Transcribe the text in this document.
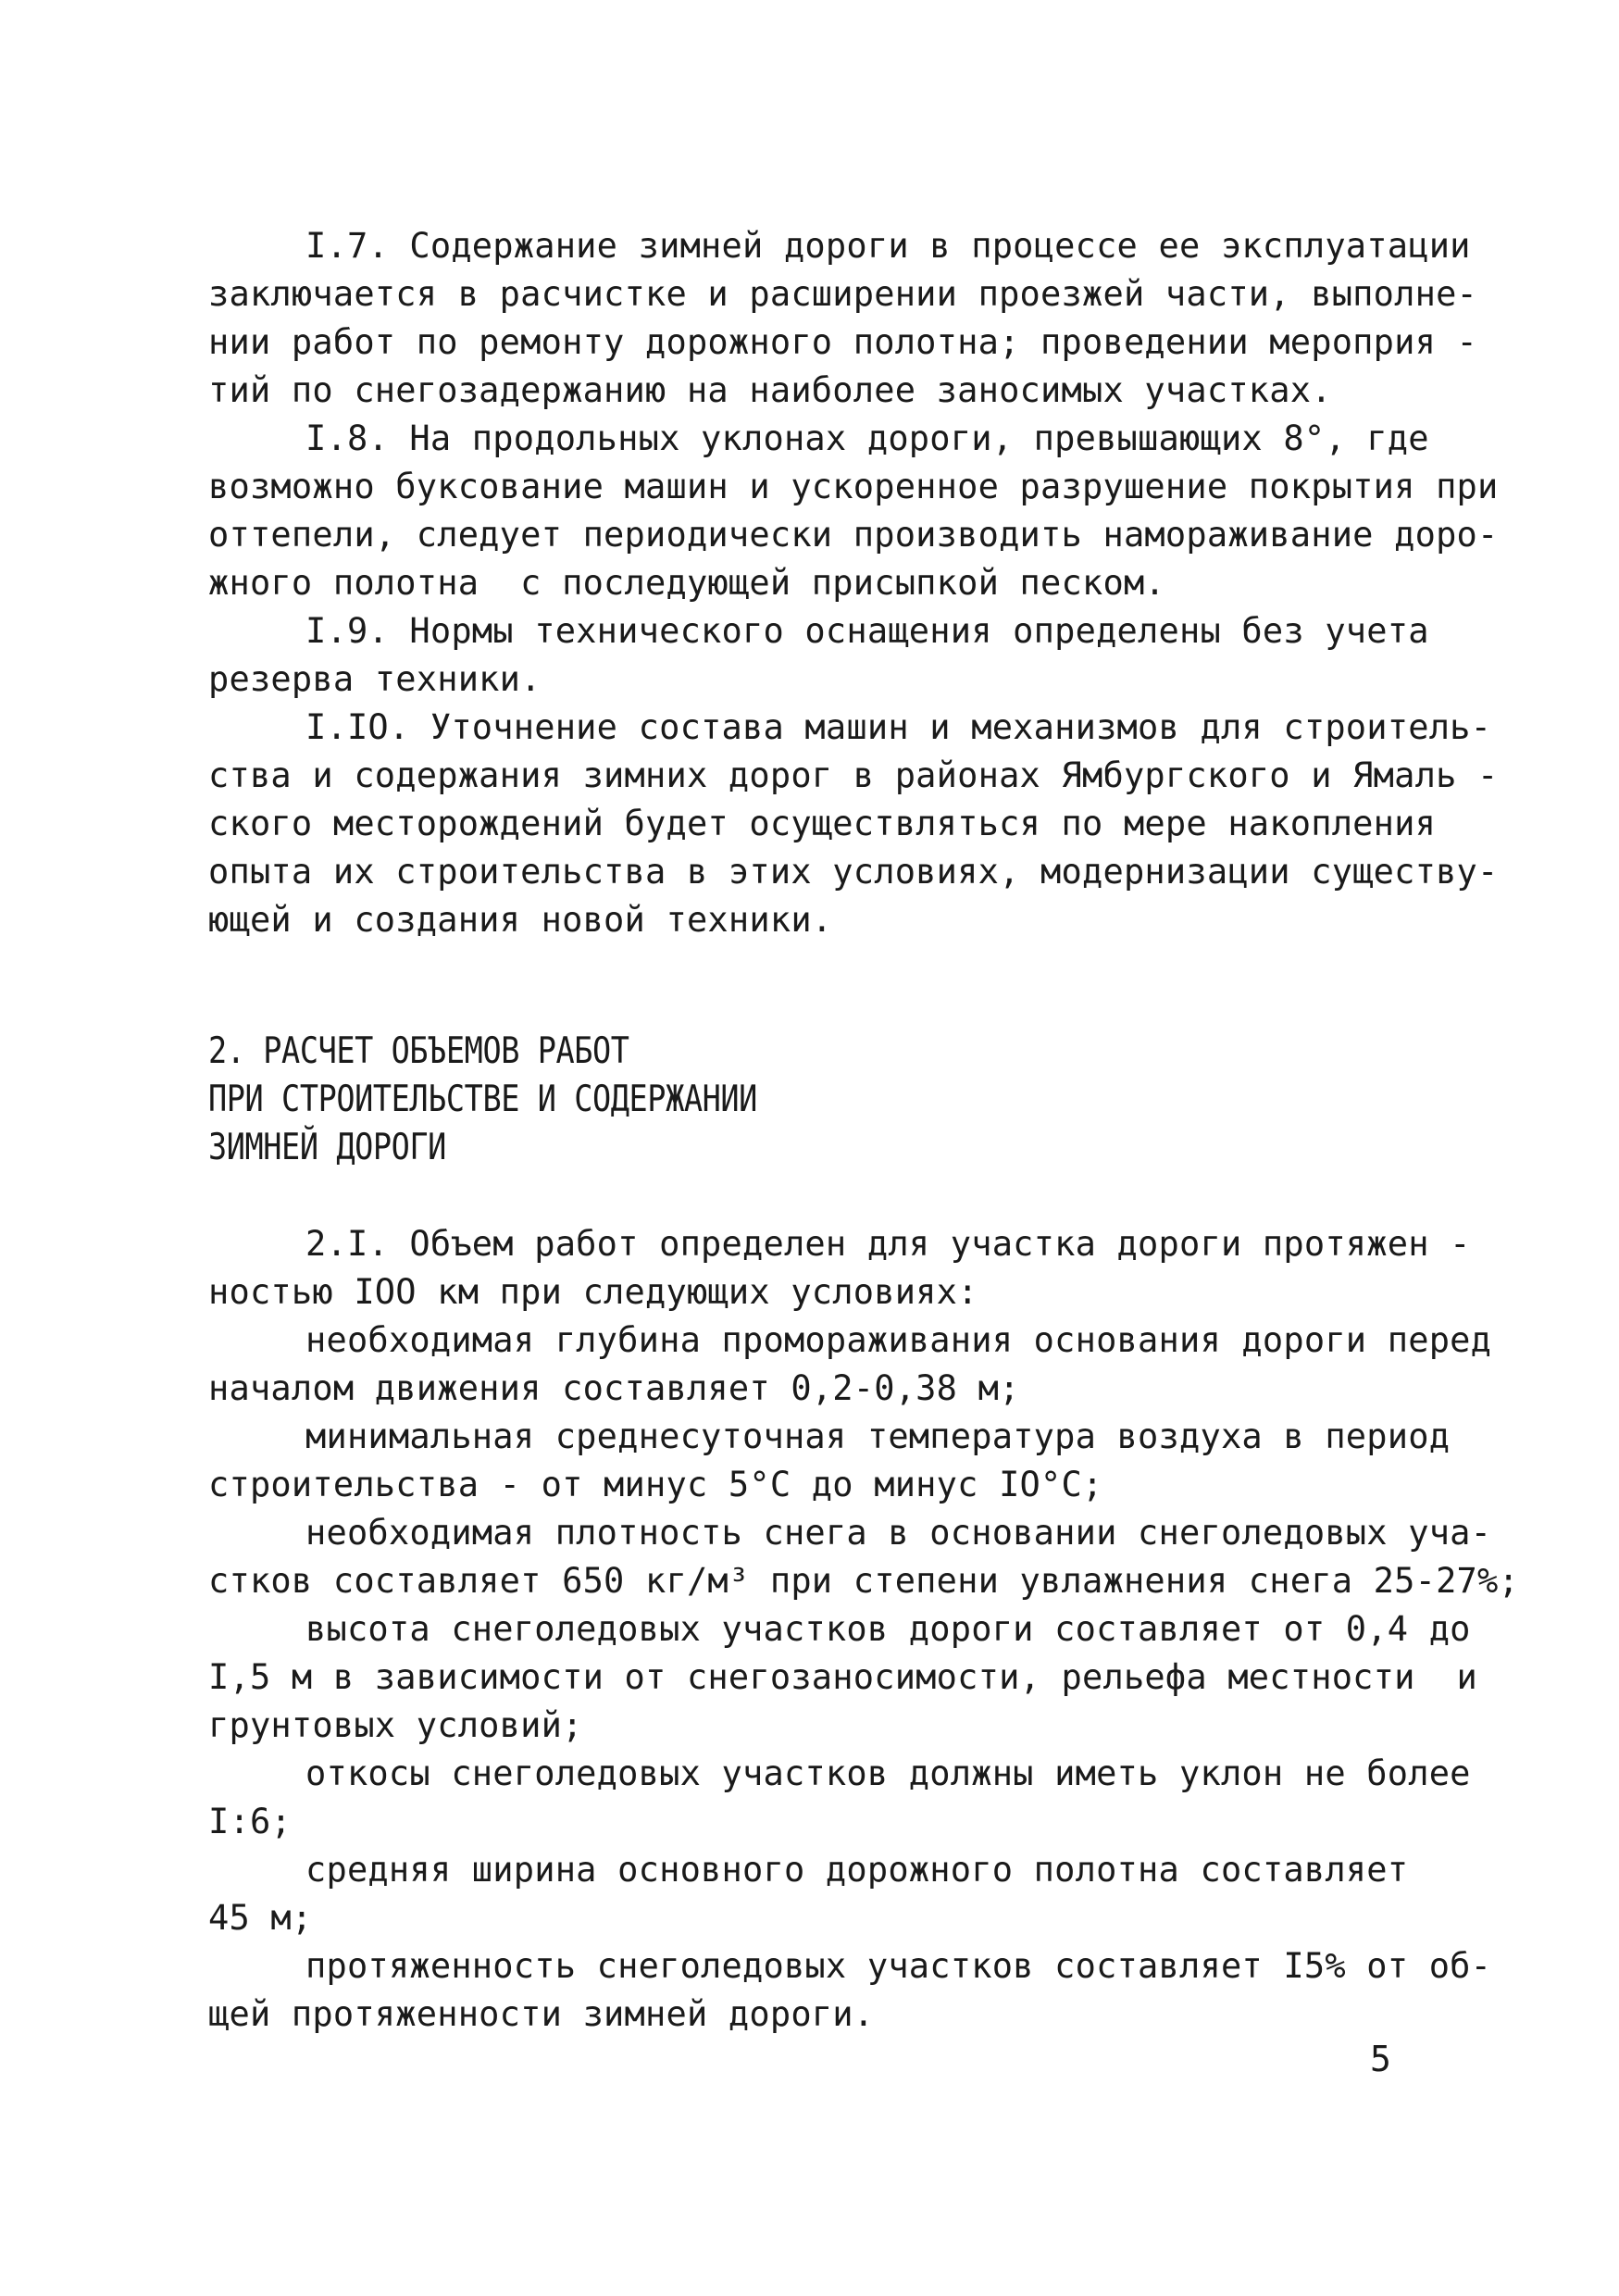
I.7. Содержание зимней дороги в процессе ее эксплуатации
заключается в расчистке и расширении проезжей части, выполне-
нии работ по ремонту дорожного полотна; проведении мероприя -
тий по снегозадержанию на наиболее заносимых участках.
I.8. На продольных уклонах дороги, превышающих 8°, где
возможно буксование машин и ускоренное разрушение покрытия при
оттепели, следует периодически производить намораживание доро-
жного полотна  с последующей присыпкой песком.
I.9. Нормы технического оснащения определены без учета
резерва техники.
I.IO. Уточнение состава машин и механизмов для строитель-
ства и содержания зимних дорог в районах Ямбургского и Ямаль -
ского месторождений будет осуществляться по мере накопления
опыта их строительства в этих условиях, модернизации существу-
ющей и создания новой техники.
2. РАСЧЕТ ОБЪЕМОВ РАБОТ
ПРИ СТРОИТЕЛЬСТВЕ И СОДЕРЖАНИИ
ЗИМНЕЙ ДОРОГИ
2.I. Объем работ определен для участка дороги протяжен -
ностью IOO км при следующих условиях:
необходимая глубина промораживания основания дороги перед
началом движения составляет 0,2-0,38 м;
минимальная среднесуточная температура воздуха в период
строительства - от минус 5°С до минус IO°С;
необходимая плотность снега в основании снеголедовых уча-
стков составляет 650 кг/м³ при степени увлажнения снега 25-27%;
высота снеголедовых участков дороги составляет от 0,4 до
I,5 м в зависимости от снегозаносимости, рельефа местности  и
грунтовых условий;
откосы снеголедовых участков должны иметь уклон не более
I:6;
средняя ширина основного дорожного полотна составляет
45 м;
протяженность снеголедовых участков составляет I5% от об-
щей протяженности зимней дороги.
5
